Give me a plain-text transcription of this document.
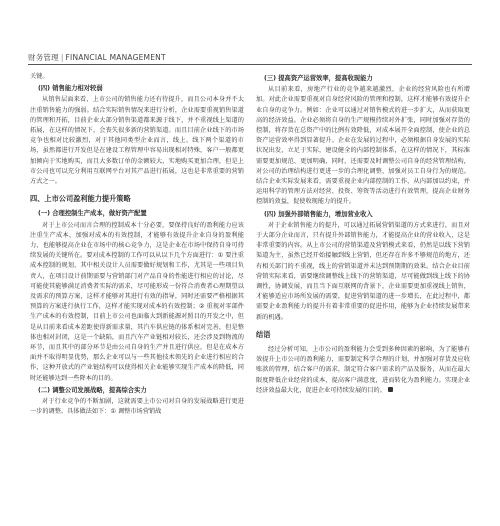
财务管理 | FINANCIAL MANAGEMENT

关键。

(四) 销售能力相对较弱

从销售层面来看，上市公司的销售能力还有待提升，而且公司本身并不太注重销售能力的强弱。结合实际销售情况来进行分析，企业需要重视销售渠道的管理和开拓，目前企业大部分销售渠道都来源于线下，并不重视线上渠道的拓展，在这样的情况下，会丧失很多新的营销渠道。而且目前企业线下的市场竞争也相对比较激烈，对于其他同类型企业而言，线上、线下两个渠道的市场，虽然都进行开发但是在建设工程管理中容易出现相对特殊，客户一般都更加倾向于实地购买，而且大多数订单的金额较大，实地购买更加合理，但是上市公司也可以充分利用互联网平台对其产品进行拓展，这也是非常重要的营销方式之一。

四、上市公司盈利能力提升策略
(一) 合理控制生产成本，做好资产配置

对于上市公司而言合理的控制成本十分必要，要保持良好的盈利能力应该注重生产成本，加强对成本的有效控制，才能够有效提升企业自身的盈利能力，也能够提高企业在市场中的核心竞争力，这是企业在市场中保持自身可持续发展的关键所在。要对成本控制的工作可以从以下几个方面进行：① 要注重成本控制的规划，其中相关设计人员需要做好规划和工作，尤其是一些项目负责人，在项目设计前期需要与营销部门对产品自身的性能进行相应的讨论，尽可能使其能够满足消费者实际的需求，尽可能形成一份符合消费者心理期望以及需求的预算方案，这样才能够对其进行有效的指导，同时还需要严格根据其预算的方案进行执行工作，这样才能实现对成本的有效控制；② 重视对零部件生产成本的有效控制，目前上市公司也面临大到新能源对照目的开发之中，但是从目前来看成本差距使得新需求量，其汽车供应链的体系相对完善，但是整体也相对封闭，这是一个缺陷，而且汽车产业链相对较长，还会涉及到物流的环节，而且其中的部分环节是由公司自身的生产并且进行供应，但是在成本方面并不取得明显优势，那么企业可以与一些其他技术领先的企业进行相应的合作，这种开放式的产业链结构可以使得相关企业能够实现生产成本的降低，同时还能够达到一些降本的目的。

(二) 调整公司发展战略，提高综合实力

对于行业竞争的不断加剧，这就需要上市公司对自身的发展战略进行更进一步的调整。具体做法如下：① 调整市场营销战

(三) 提高资产运营效率，提高收现能力

从目前来看，房地产行业的竞争越来越激烈，企业的经营风险也有所增加。对此企业需要重视对自身经营风险的管理和控制，这样才能够有效提升企业自身的竞争力。例如：企业可以通过对销售模式的进一步扩大，从而获取更高的经济效益。企业必须将自身的生产规模持续对外扩张，同时加强对存货的控制，将存货在总资产中的比例有效降低，对成本展开全面控制，使企业的总资产运营效率得到显著提升。企业在发展的过程中，必须根据自身发展的实际状况出发，立足于实际，建设健全的内部控制体系，在这样的情况下，其标准需要更加规范、更加明确，同时，还需要及时调整公司自身的经营管理结构，对公司的治理结构进行更进一步的合理化调整，加强对员工自身行为的规范。结合企业实际发展来看，需要重视企业内部控制的工作，从内部加以约束，并运用科学的管理方法对经营、投资、筹资等活动进行有效管理，提高企业财务控制的效益，促使收现能力的提升。

(四) 加强外部销售能力，增加营业收入

对于企业销售能力的提升，可以通过拓展营销渠道的方式来进行，而且对于大部分企业而言，只有提升外部销售能力，才能提高企业的营业收入，这是非常重要的内容。从上市公司的营销渠道及营销模式来看，仍然是以线下营销渠道为主，虽然已经开始接触到线上营销，但还存在许多不够规范的地方，还有相关部门的不重视，线上的营销渠道并未达到预期期的效果。结合企业目前营销实际来看，需要继续调整线上线下的营销渠道，尽可能做到线上线下的协调性，协调发展，而且当下面互联网的背景下，企业需要更加重视线上销售，才能够适应市场所发展的需要，促进营销渠道的进一步增长，在此过程中，都需要企业盈利能力的提升有着非常重要的促进作用，能够为企业持续发展带来新的机遇。

结语

经过分析可知，上市公司的盈利能力会受到多种因素的影响，为了能够有效提升上市公司的盈利能力，需要制定科学合理的计划，并加强对存货及应收账款的管理，结合客户的需求，制定符合客户需求的产品及服务，从而在最大限度降低企业经营的成本，提高客户满意度，进而转化为盈利能力。实现企业经济效益最大化，促进企业可持续发展的目的。
